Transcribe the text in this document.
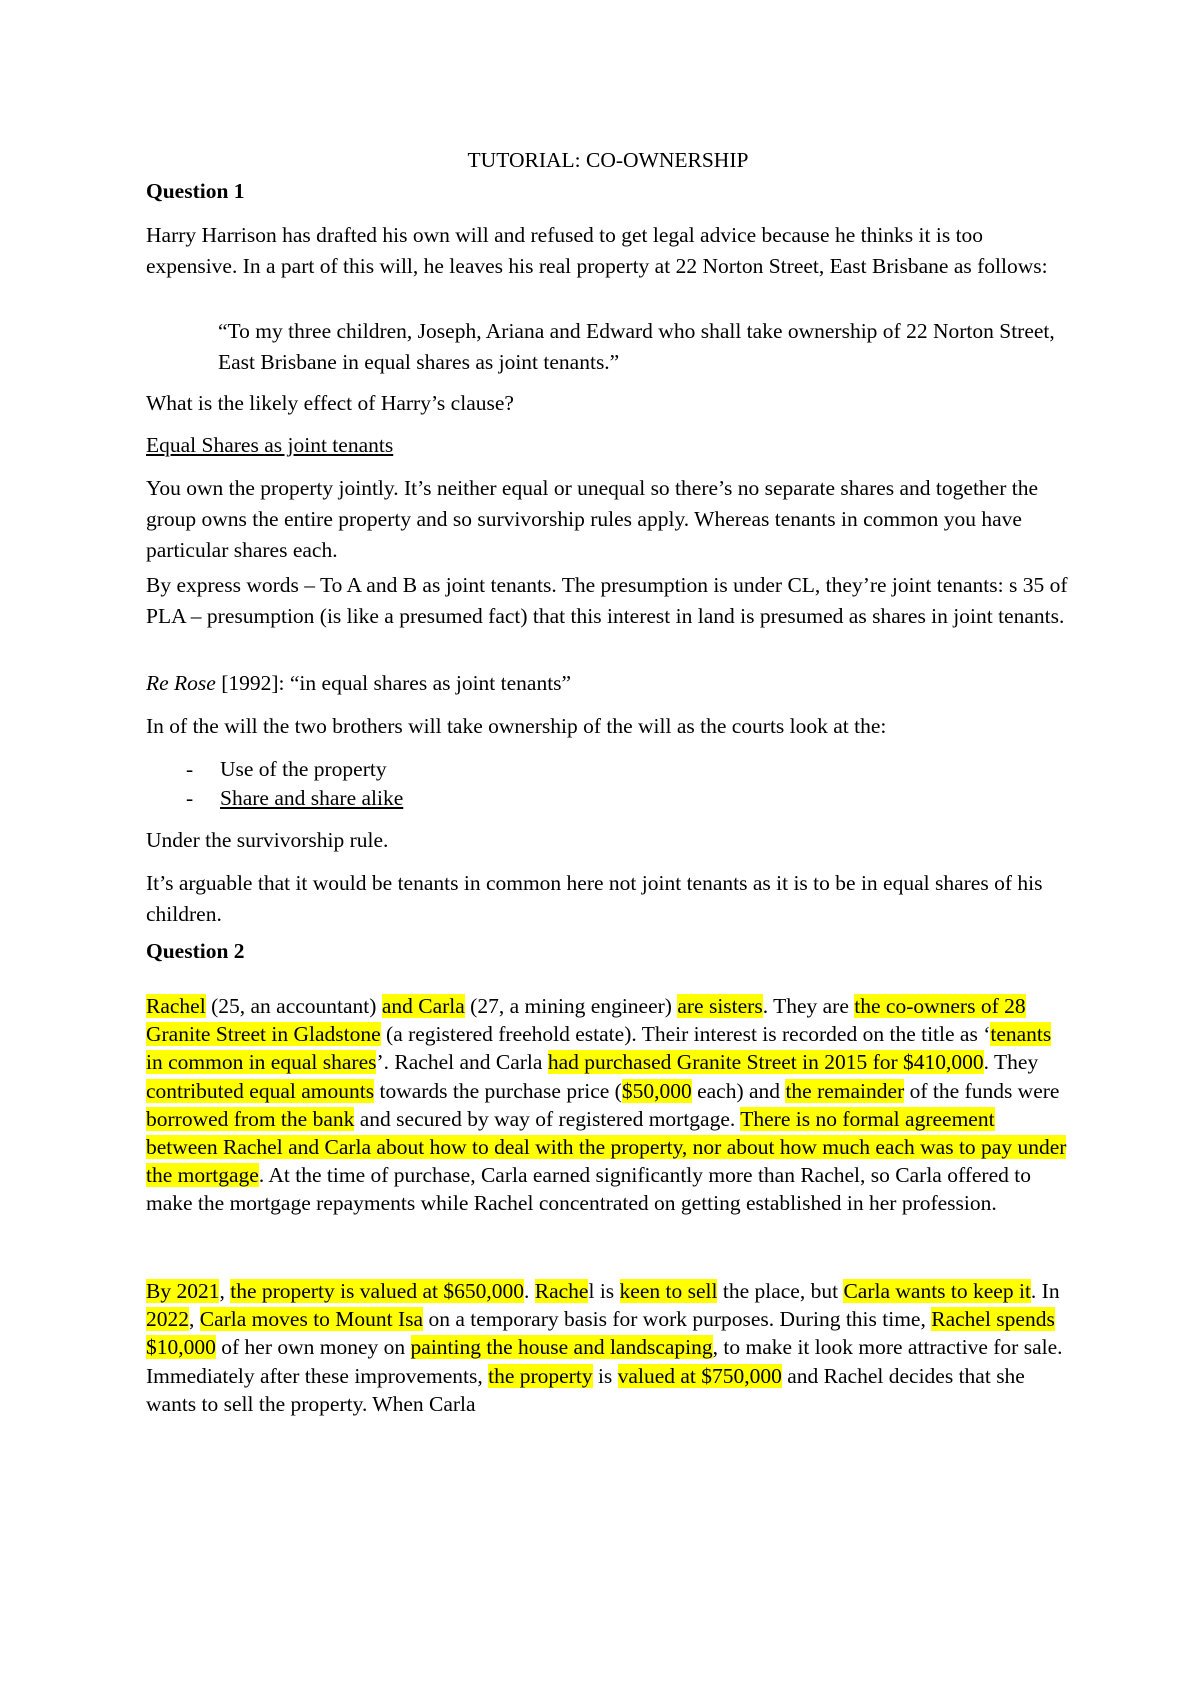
TUTORIAL: CO-OWNERSHIP
Question 1

Harry Harrison has drafted his own will and refused to get legal advice because he thinks it is too expensive. In a part of this will, he leaves his real property at 22 Norton Street, East Brisbane as follows:

“To my three children, Joseph, Ariana and Edward who shall take ownership of 22 Norton Street, East Brisbane in equal shares as joint tenants.”

What is the likely effect of Harry’s clause?

Equal Shares as joint tenants

You own the property jointly. It’s neither equal or unequal so there’s no separate shares and together the group owns the entire property and so survivorship rules apply. Whereas tenants in common you have particular shares each.

By express words – To A and B as joint tenants. The presumption is under CL, they’re joint tenants: s 35 of PLA – presumption (is like a presumed fact) that this interest in land is presumed as shares in joint tenants.

Re Rose [1992]: “in equal shares as joint tenants”

In of the will the two brothers will take ownership of the will as the courts look at the:

- Use of the property
- Share and share alike

Under the survivorship rule.

It’s arguable that it would be tenants in common here not joint tenants as it is to be in equal shares of his children.

Question 2

Rachel (25, an accountant) and Carla (27, a mining engineer) are sisters. They are the co-owners of 28 Granite Street in Gladstone (a registered freehold estate). Their interest is recorded on the title as ‘tenants in common in equal shares’. Rachel and Carla had purchased Granite Street in 2015 for $410,000. They contributed equal amounts towards the purchase price ($50,000 each) and the remainder of the funds were borrowed from the bank and secured by way of registered mortgage. There is no formal agreement between Rachel and Carla about how to deal with the property, nor about how much each was to pay under the mortgage. At the time of purchase, Carla earned significantly more than Rachel, so Carla offered to make the mortgage repayments while Rachel concentrated on getting established in her profession.

By 2021, the property is valued at $650,000. Rachel is keen to sell the place, but Carla wants to keep it. In 2022, Carla moves to Mount Isa on a temporary basis for work purposes. During this time, Rachel spends $10,000 of her own money on painting the house and landscaping, to make it look more attractive for sale. Immediately after these improvements, the property is valued at $750,000 and Rachel decides that she wants to sell the property. When Carla
